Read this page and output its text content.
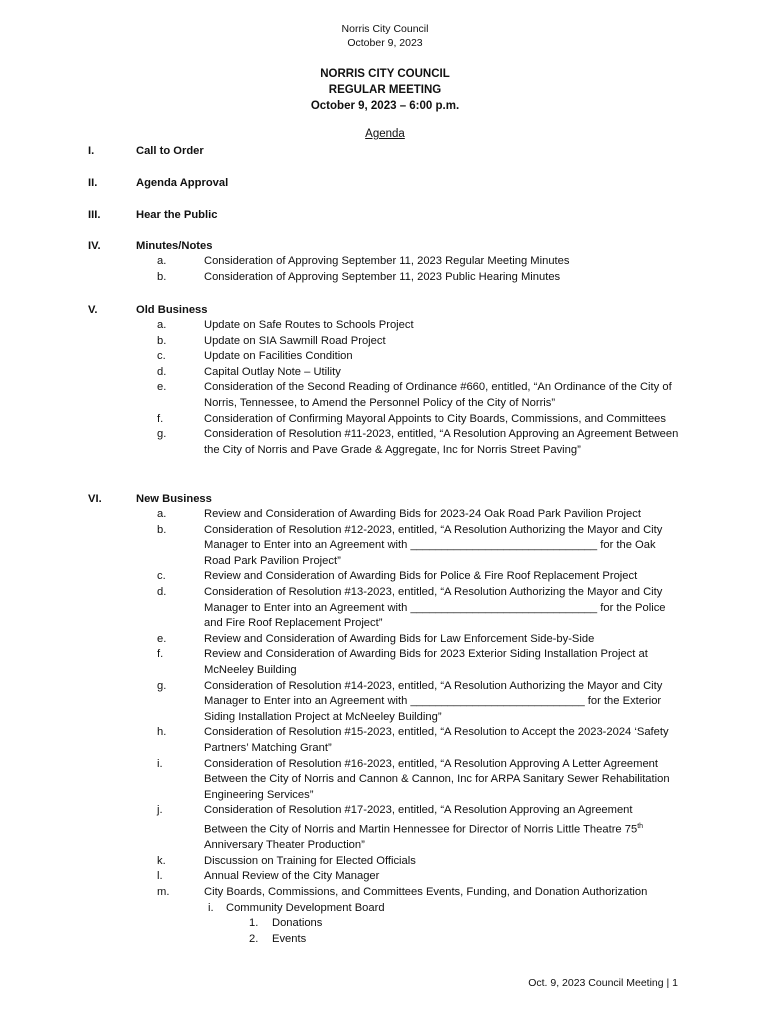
Norris City Council
October 9, 2023
NORRIS CITY COUNCIL
REGULAR MEETING
October 9, 2023 – 6:00 p.m.
Agenda
I.	Call to Order
II.	Agenda Approval
III.	Hear the Public
IV.	Minutes/Notes
a.	Consideration of Approving September 11, 2023 Regular Meeting Minutes
b.	Consideration of Approving September 11, 2023 Public Hearing Minutes
V.	Old Business
a.	Update on Safe Routes to Schools Project
b.	Update on SIA Sawmill Road Project
c.	Update on Facilities Condition
d.	Capital Outlay Note – Utility
e.	Consideration of the Second Reading of Ordinance #660, entitled, “An Ordinance of the City of Norris, Tennessee, to Amend the Personnel Policy of the City of Norris”
f.	Consideration of Confirming Mayoral Appoints to City Boards, Commissions, and Committees
g.	Consideration of Resolution #11-2023, entitled, “A Resolution Approving an Agreement Between the City of Norris and Pave Grade & Aggregate, Inc for Norris Street Paving”
VI.	New Business
a.	Review and Consideration of Awarding Bids for 2023-24 Oak Road Park Pavilion Project
b.	Consideration of Resolution #12-2023, entitled, “A Resolution Authorizing the Mayor and City Manager to Enter into an Agreement with ______________________________ for the Oak Road Park Pavilion Project”
c.	Review and Consideration of Awarding Bids for Police & Fire Roof Replacement Project
d.	Consideration of Resolution #13-2023, entitled, “A Resolution Authorizing the Mayor and City Manager to Enter into an Agreement with ______________________________ for the Police and Fire Roof Replacement Project”
e.	Review and Consideration of Awarding Bids for Law Enforcement Side-by-Side
f.	Review and Consideration of Awarding Bids for 2023 Exterior Siding Installation Project at McNeeley Building
g.	Consideration of Resolution #14-2023, entitled, “A Resolution Authorizing the Mayor and City Manager to Enter into an Agreement with ____________________________ for the Exterior Siding Installation Project at McNeeley Building”
h.	Consideration of Resolution #15-2023, entitled, “A Resolution to Accept the 2023-2024 ‘Safety Partners’ Matching Grant”
i.	Consideration of Resolution #16-2023, entitled, “A Resolution Approving A Letter Agreement Between the City of Norris and Cannon & Cannon, Inc for ARPA Sanitary Sewer Rehabilitation Engineering Services”
j.	Consideration of Resolution #17-2023, entitled, “A Resolution Approving an Agreement Between the City of Norris and Martin Hennessee for Director of Norris Little Theatre 75th Anniversary Theater Production”
k.	Discussion on Training for Elected Officials
l.	Annual Review of the City Manager
m.	City Boards, Commissions, and Committees Events, Funding, and Donation Authorization
i. Community Development Board
1. Donations
2. Events
Oct. 9, 2023 Council Meeting | 1
